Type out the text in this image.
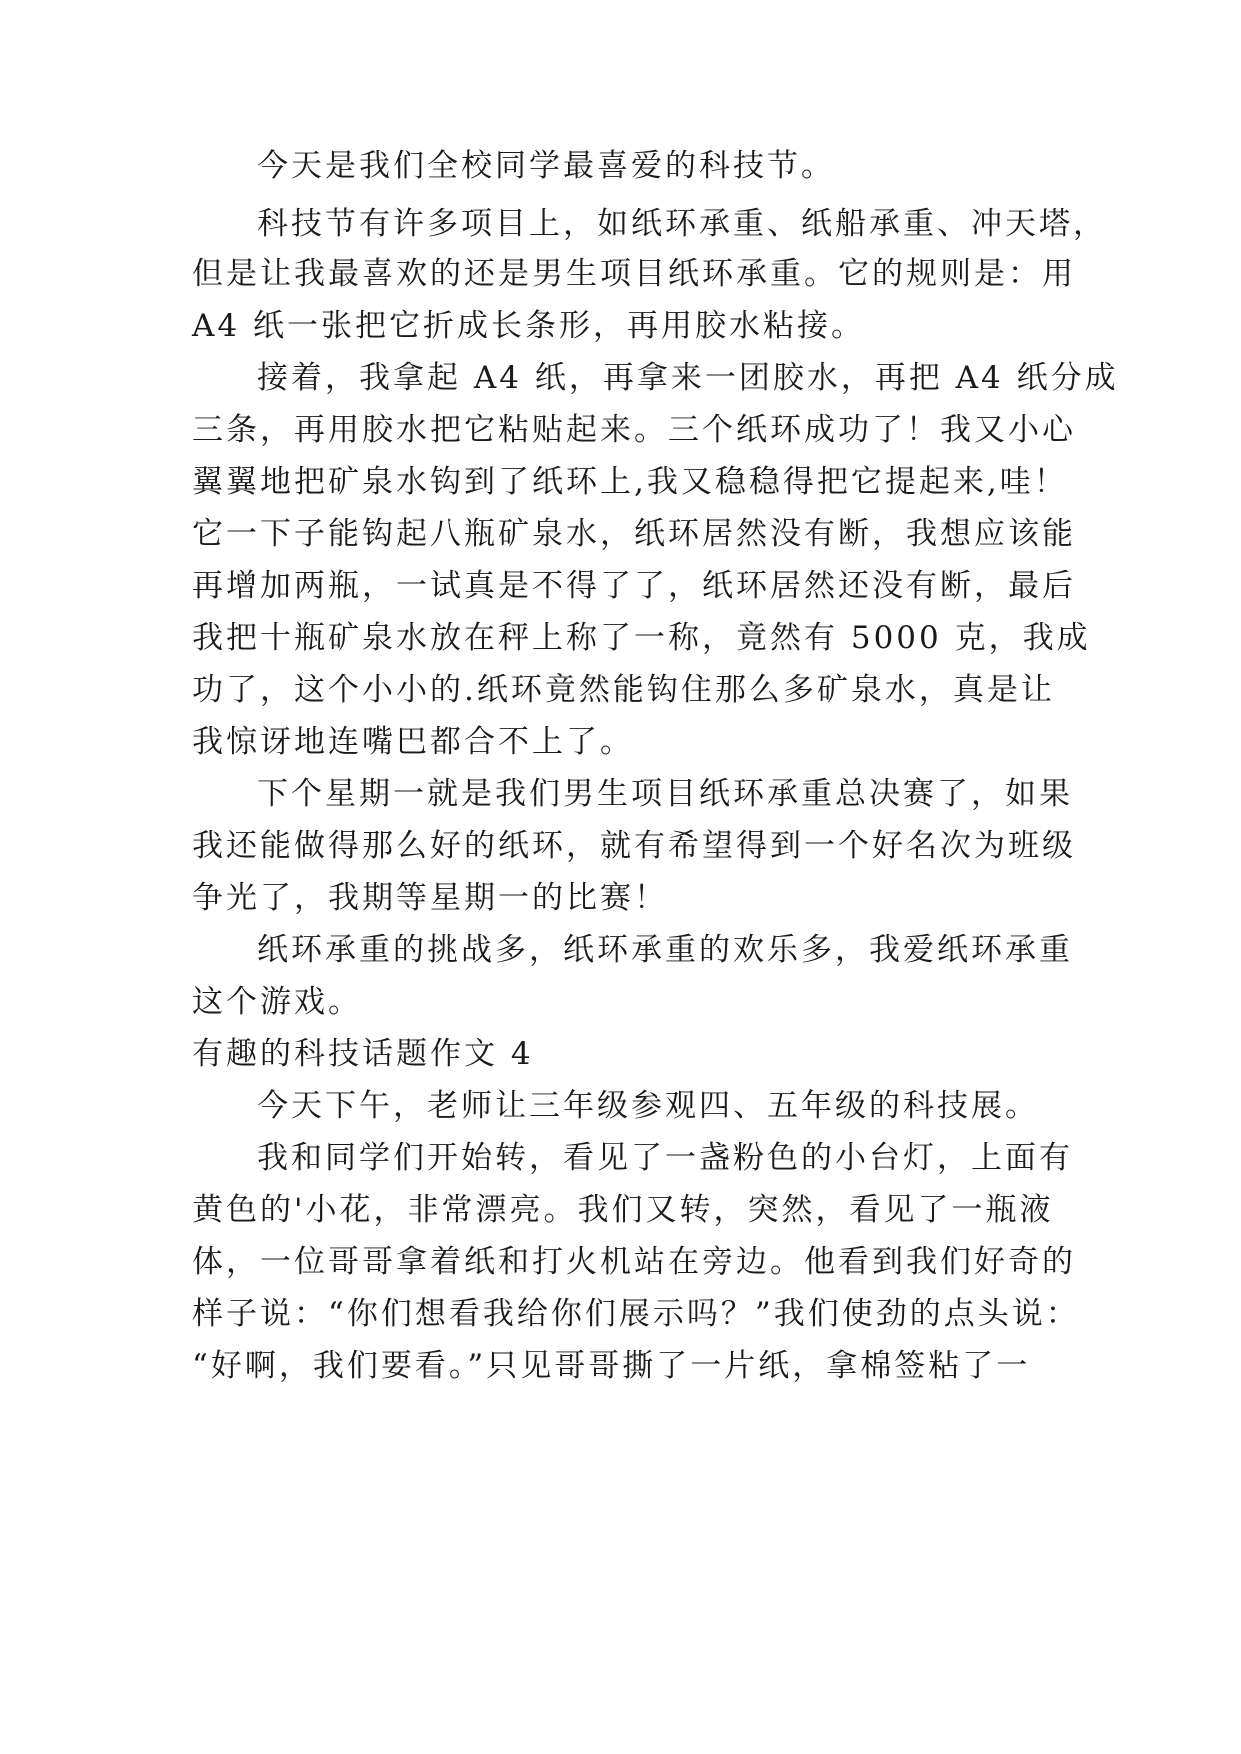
今天是我们全校同学最喜爱的科技节。
科技节有许多项目上，如纸环承重、纸船承重、冲天塔，
但是让我最喜欢的还是男生项目纸环承重。它的规则是：用
A4 纸一张把它折成长条形，再用胶水粘接。
接着，我拿起 A4 纸，再拿来一团胶水，再把 A4 纸分成
三条，再用胶水把它粘贴起来。三个纸环成功了！我又小心
翼翼地把矿泉水钩到了纸环上,我又稳稳得把它提起来,哇！
它一下子能钩起八瓶矿泉水，纸环居然没有断，我想应该能
再增加两瓶，一试真是不得了了，纸环居然还没有断，最后
我把十瓶矿泉水放在秤上称了一称，竟然有 5000 克，我成
功了，这个小小的.纸环竟然能钩住那么多矿泉水，真是让
我惊讶地连嘴巴都合不上了。
下个星期一就是我们男生项目纸环承重总决赛了，如果
我还能做得那么好的纸环，就有希望得到一个好名次为班级
争光了，我期等星期一的比赛！
纸环承重的挑战多，纸环承重的欢乐多，我爱纸环承重
这个游戏。
有趣的科技话题作文 4
今天下午，老师让三年级参观四、五年级的科技展。
我和同学们开始转，看见了一盏粉色的小台灯，上面有
黄色的'小花，非常漂亮。我们又转，突然，看见了一瓶液
体，一位哥哥拿着纸和打火机站在旁边。他看到我们好奇的
样子说：“你们想看我给你们展示吗？”我们使劲的点头说：
“好啊，我们要看。”只见哥哥撕了一片纸，拿棉签粘了一
